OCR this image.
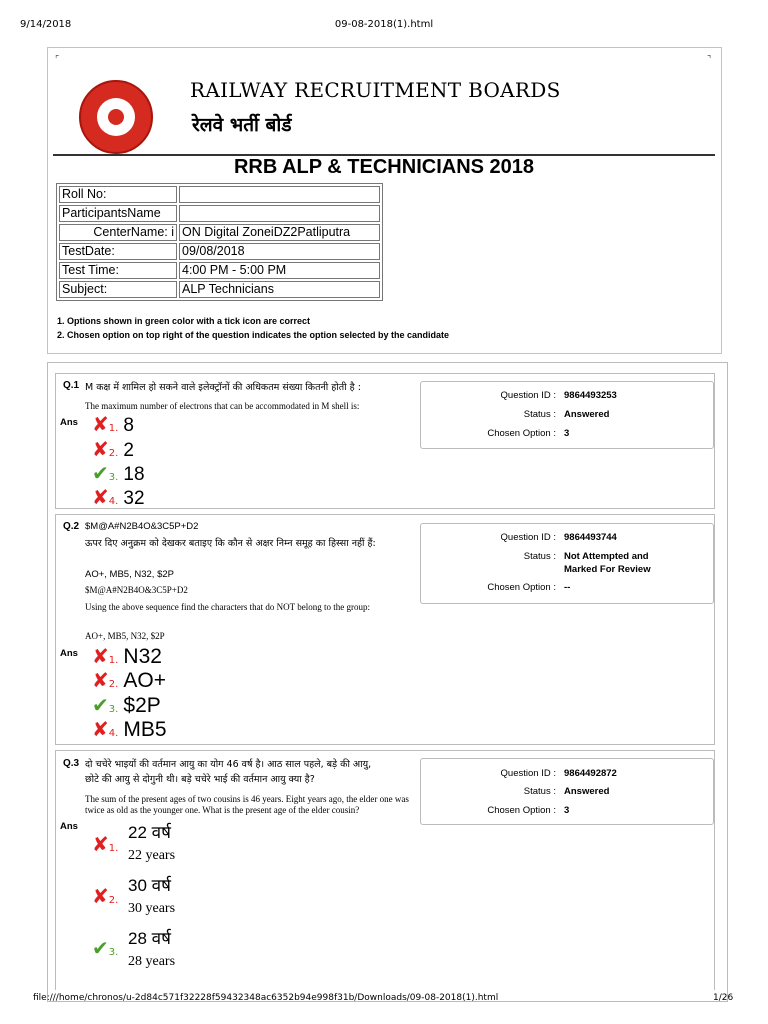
9/14/2018	09-08-2018(1).html
⌜	⌝
RAILWAY RECRUITMENT BOARDS
रेलवे भर्ती बोर्ड
RRB ALP & TECHNICIANS 2018
Roll No:	
ParticipantsName	
CenterName: i	ON Digital ZoneiDZ2Patliputra
TestDate:	09/08/2018
Test Time:	4:00 PM - 5:00 PM
Subject:	ALP Technicians
1. Options shown in green color with a tick icon are correct
2. Chosen option on top right of the question indicates the option selected by the candidate
Q.1 M कक्ष में शामिल हो सकने वाले इलेक्ट्रॉनों की अधिकतम संख्या कितनी होती है :
The maximum number of electrons that can be accommodated in M shell is:
Ans
Question ID : 9864493253
Status : Answered
Chosen Option : 3
✘1. 8
✘2. 2
✔3. 18
✘4. 32
Q.2 $M@A#N2B4O&3C5P+D2
ऊपर दिए अनुक्रम को देखकर बताइए कि कौन से अक्षर निम्न समूह का हिस्सा नहीं हैं:
AO+, MB5, N32, $2P
$M@A#N2B4O&3C5P+D2
Using the above sequence find the characters that do NOT belong to the group:
AO+, MB5, N32, $2P
Ans
Question ID : 9864493744
Status : Not Attempted and
Marked For Review
Chosen Option : --
✘1. N32
✘2. AO+
✔3. $2P
✘4. MB5
Q.3 दो चचेरे भाइयों की वर्तमान आयु का योग 46 वर्ष है। आठ साल पहले, बड़े की आयु,
छोटे की आयु से दोगुनी थी। बड़े चचेरे भाई की वर्तमान आयु क्या है?
The sum of the present ages of two cousins is 46 years. Eight years ago, the elder one was
twice as old as the younger one. What is the present age of the elder cousin?
Ans
Question ID : 9864492872
Status : Answered
Chosen Option : 3
✘1.
22 वर्ष
22 years
✘2.
30 वर्ष
30 years
✔3.
28 वर्ष
28 years
file:///home/chronos/u-2d84c571f32228f59432348ac6352b94e998f31b/Downloads/09-08-2018(1).html	1/26
